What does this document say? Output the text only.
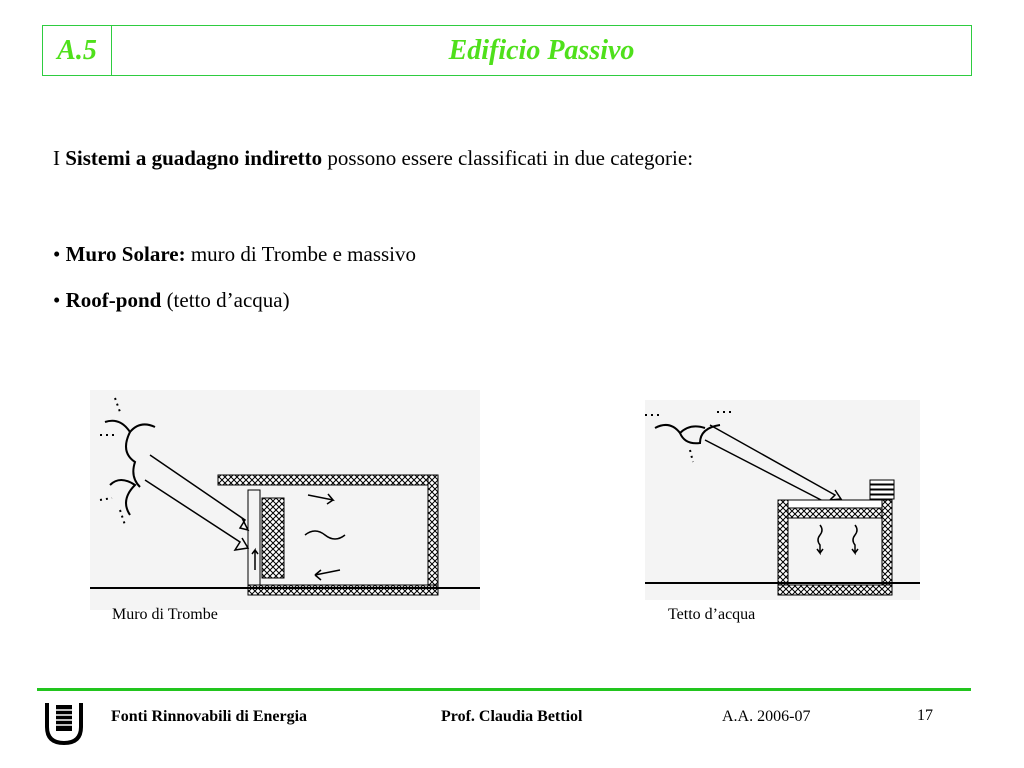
A.5	Edificio Passivo
I Sistemi a guadagno indiretto possono essere classificati in due categorie:
• Muro Solare: muro di Trombe e massivo
• Roof-pond (tetto d’acqua)
Muro di Trombe	Tetto d’acqua
Fonti Rinnovabili di Energia	Prof. Claudia Bettiol	A.A. 2006-07	17
